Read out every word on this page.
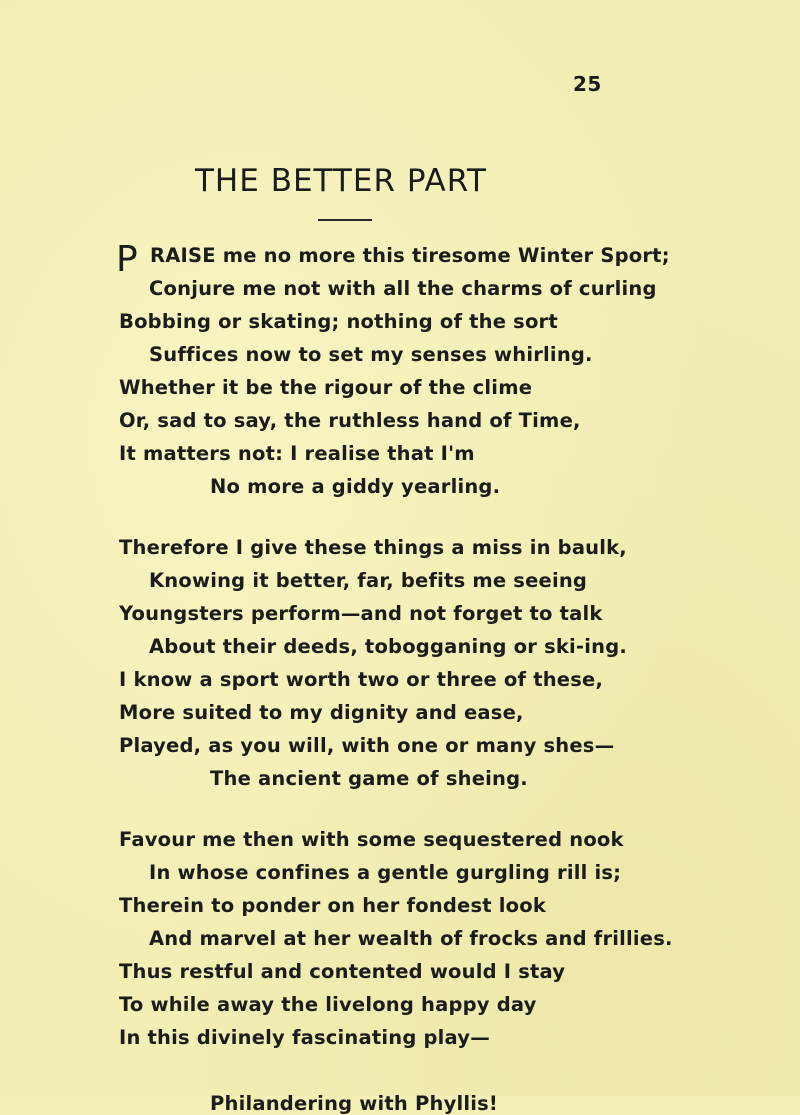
25
THE BETTER PART
P RAISE me no more this tiresome Winter Sport;
Conjure me not with all the charms of curling
Bobbing or skating; nothing of the sort
Suffices now to set my senses whirling.
Whether it be the rigour of the clime
Or, sad to say, the ruthless hand of Time,
It matters not: I realise that I'm
No more a giddy yearling.
Therefore I give these things a miss in baulk,
Knowing it better, far, befits me seeing
Youngsters perform—and not forget to talk
About their deeds, tobogganing or ski-ing.
I know a sport worth two or three of these,
More suited to my dignity and ease,
Played, as you will, with one or many shes—
The ancient game of sheing.
Favour me then with some sequestered nook
In whose confines a gentle gurgling rill is;
Therein to ponder on her fondest look
And marvel at her wealth of frocks and frillies.
Thus restful and contented would I stay
To while away the livelong happy day
In this divinely fascinating play—
Philandering with Phyllis!
